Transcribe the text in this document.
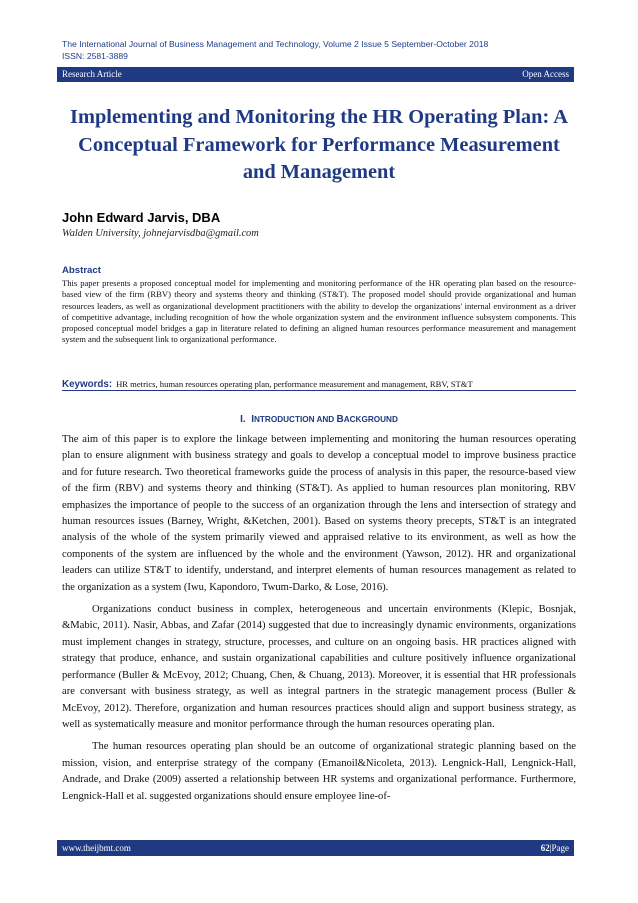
The International Journal of Business Management and Technology, Volume 2 Issue 5 September-October 2018
ISSN: 2581-3889
Research Article	Open Access
Implementing and Monitoring the HR Operating Plan: A Conceptual Framework for Performance Measurement and Management
John Edward Jarvis, DBA
Walden University, johnejarvisdba@gmail.com
Abstract
This paper presents a proposed conceptual model for implementing and monitoring performance of the HR operating plan based on the resource-based view of the firm (RBV) theory and systems theory and thinking (ST&T). The proposed model should provide organizational and human resources leaders, as well as organizational development practitioners with the ability to develop the organizations' internal environment as a driver of competitive advantage, including recognition of how the whole organization system and the environment influence subsystem components. This proposed conceptual model bridges a gap in literature related to defining an aligned human resources performance measurement and management system and the subsequent link to organizational performance.
Keywords: HR metrics, human resources operating plan, performance measurement and management, RBV, ST&T
I. INTRODUCTION AND BACKGROUND

The aim of this paper is to explore the linkage between implementing and monitoring the human resources operating plan to ensure alignment with business strategy and goals to develop a conceptual model to improve business practice and for future research. Two theoretical frameworks guide the process of analysis in this paper, the resource-based view of the firm (RBV) and systems theory and thinking (ST&T). As applied to human resources plan monitoring, RBV emphasizes the importance of people to the success of an organization through the lens and intersection of strategy and human resources issues (Barney, Wright, &Ketchen, 2001). Based on systems theory precepts, ST&T is an integrated analysis of the whole of the system primarily viewed and appraised relative to its environment, as well as how the components of the system are influenced by the whole and the environment (Yawson, 2012). HR and organizational leaders can utilize ST&T to identify, understand, and interpret elements of human resources management as related to the organization as a system (Iwu, Kapondoro, Twum-Darko, & Lose, 2016).

Organizations conduct business in complex, heterogeneous and uncertain environments (Klepic, Bosnjak, &Mabic, 2011). Nasir, Abbas, and Zafar (2014) suggested that due to increasingly dynamic environments, organizations must implement changes in strategy, structure, processes, and culture on an ongoing basis. HR practices aligned with strategy that produce, enhance, and sustain organizational capabilities and culture positively influence organizational performance (Buller & McEvoy, 2012; Chuang, Chen, & Chuang, 2013). Moreover, it is essential that HR professionals are conversant with business strategy, as well as integral partners in the strategic management process (Buller & McEvoy, 2012). Therefore, organization and human resources practices should align and support business strategy, as well as systematically measure and monitor performance through the human resources operating plan.

The human resources operating plan should be an outcome of organizational strategic planning based on the mission, vision, and enterprise strategy of the company (Emanoil&Nicoleta, 2013). Lengnick-Hall, Lengnick-Hall, Andrade, and Drake (2009) asserted a relationship between HR systems and organizational performance. Furthermore, Lengnick-Hall et al. suggested organizations should ensure employee line-of-

www.theijbmt.com	62|Page
